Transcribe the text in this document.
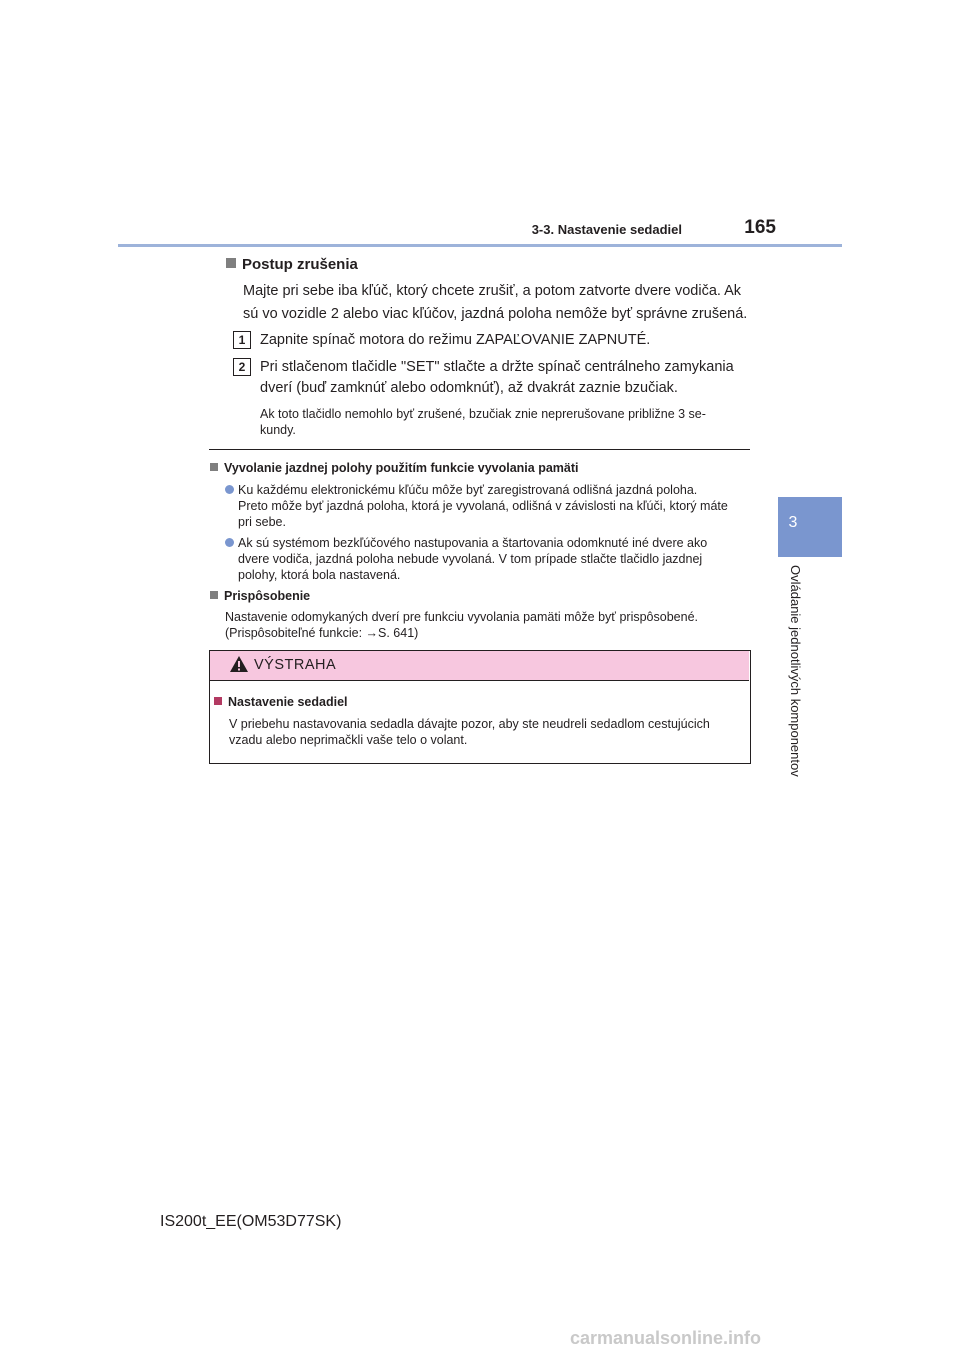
3-3. Nastavenie sedadiel	165
3
Ovládanie jednotlivých komponentov
Postup zrušenia
Majte pri sebe iba kľúč, ktorý chcete zrušiť, a potom zatvorte dvere vodiča. Ak
sú vo vozidle 2 alebo viac kľúčov, jazdná poloha nemôže byť správne zrušená.
1	Zapnite spínač motora do režimu ZAPAĽOVANIE ZAPNUTÉ.
2	Pri stlačenom tlačidle "SET" stlačte a držte spínač centrálneho zamykania
dverí (buď zamknúť alebo odomknúť), až dvakrát zaznie bzučiak.
Ak toto tlačidlo nemohlo byť zrušené, bzučiak znie neprerušovane približne 3 se-
kundy.
Vyvolanie jazdnej polohy použitím funkcie vyvolania pamäti
Ku každému elektronickému kľúču môže byť zaregistrovaná odlišná jazdná poloha.
Preto môže byť jazdná poloha, ktorá je vyvolaná, odlišná v závislosti na kľúči, ktorý máte
pri sebe.
Ak sú systémom bezkľúčového nastupovania a štartovania odomknuté iné dvere ako
dvere vodiča, jazdná poloha nebude vyvolaná. V tom prípade stlačte tlačidlo jazdnej
polohy, ktorá bola nastavená.
Prispôsobenie
Nastavenie odomykaných dverí pre funkciu vyvolania pamäti môže byť prispôsobené.
(Prispôsobiteľné funkcie: →S. 641)
VÝSTRAHA
Nastavenie sedadiel
V priebehu nastavovania sedadla dávajte pozor, aby ste neudreli sedadlom cestujúcich
vzadu alebo neprimačkli vaše telo o volant.
IS200t_EE(OM53D77SK)
carmanualsonline.info
